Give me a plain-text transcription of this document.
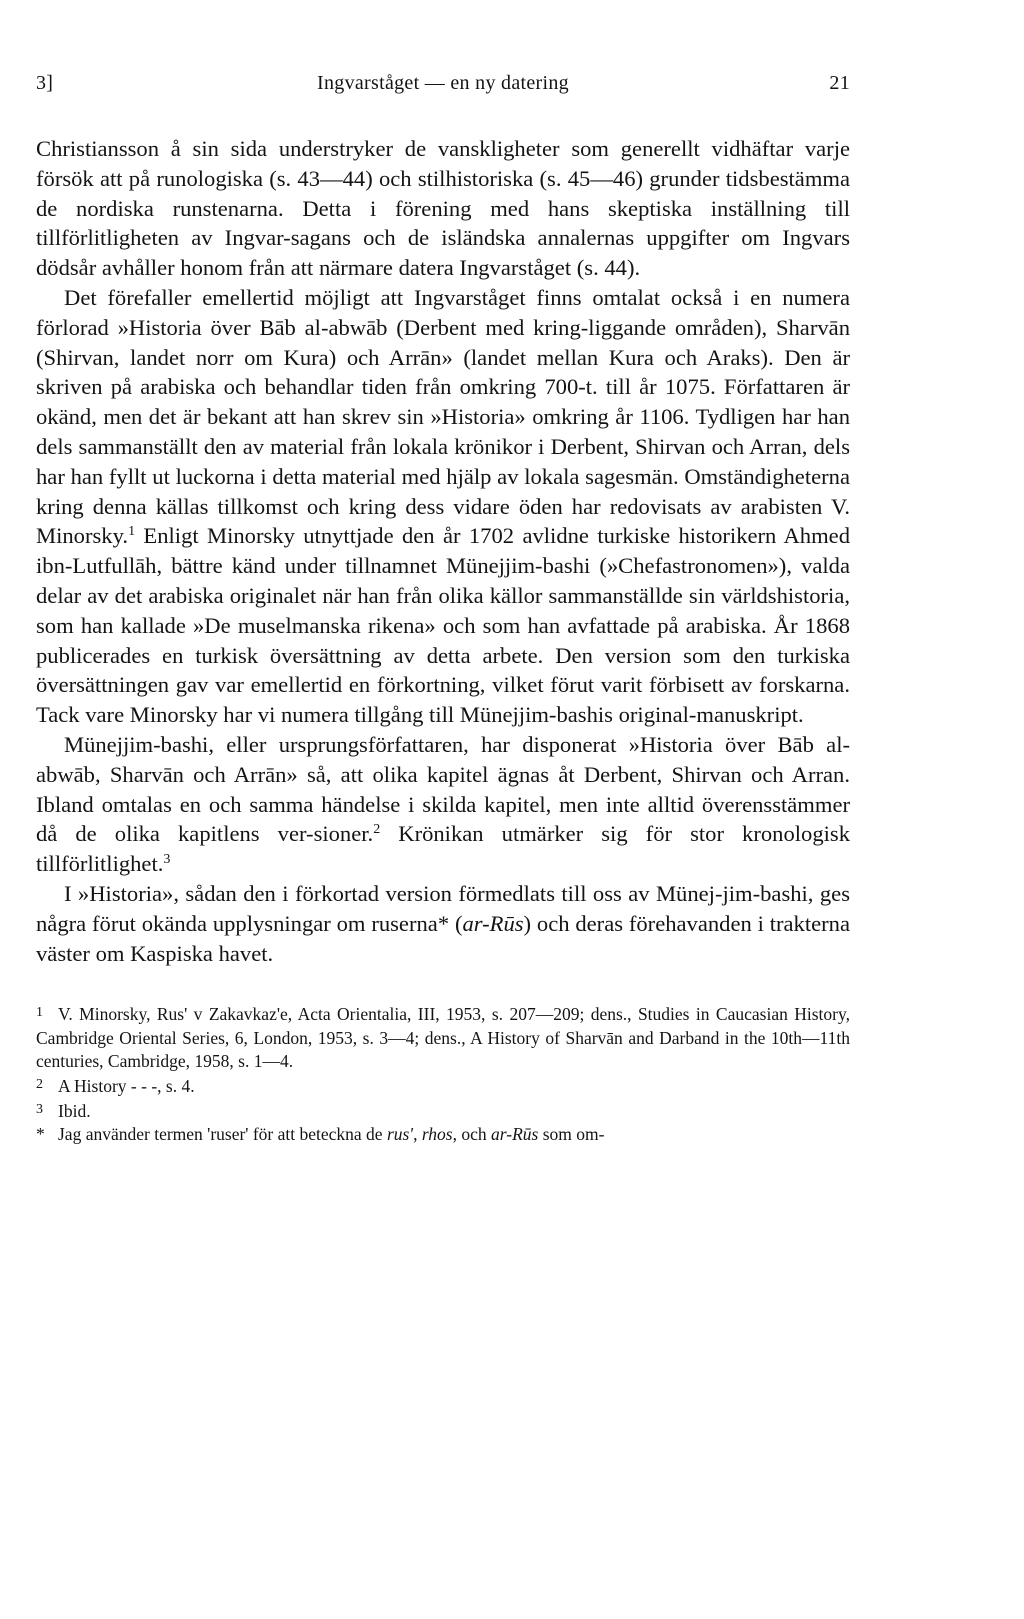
3]	Ingvarståget — en ny datering	21

Christiansson å sin sida understryker de vanskligheter som generellt vidhäftar varje försök att på runologiska (s. 43—44) och stilhistoriska (s. 45—46) grunder tidsbestämma de nordiska runstenarna. Detta i förening med hans skeptiska inställning till tillförlitligheten av Ingvar-sagans och de isländska annalernas uppgifter om Ingvars dödsår avhåller honom från att närmare datera Ingvarståget (s. 44).

Det förefaller emellertid möjligt att Ingvarståget finns omtalat också i en numera förlorad »Historia över Bāb al-abwāb (Derbent med kring-liggande områden), Sharvān (Shirvan, landet norr om Kura) och Arrān» (landet mellan Kura och Araks). Den är skriven på arabiska och behandlar tiden från omkring 700-t. till år 1075. Författaren är okänd, men det är bekant att han skrev sin »Historia» omkring år 1106. Tydligen har han dels sammanställt den av material från lokala krönikor i Derbent, Shirvan och Arran, dels har han fyllt ut luckorna i detta material med hjälp av lokala sagesmän. Omständigheterna kring denna källas tillkomst och kring dess vidare öden har redovisats av arabisten V. Minorsky.$^1$ Enligt Minorsky utnyttjade den år 1702 avlidne turkiske historikern Ahmed ibn-Lutfullāh, bättre känd under tillnamnet Münejjim-bashi (»Chefastronomen»), valda delar av det arabiska originalet när han från olika källor sammanställde sin världshistoria, som han kallade »De muselmanska rikena» och som han avfattade på arabiska. År 1868 publicerades en turkisk översättning av detta arbete. Den version som den turkiska översättningen gav var emellertid en förkortning, vilket förut varit förbisett av forskarna. Tack vare Minorsky har vi numera tillgång till Münejjim-bashis original-manuskript.

Münejjim-bashi, eller ursprungsförfattaren, har disponerat »Historia över Bāb al-abwāb, Sharvān och Arrān» så, att olika kapitel ägnas åt Derbent, Shirvan och Arran. Ibland omtalas en och samma händelse i skilda kapitel, men inte alltid överensstämmer då de olika kapitlens ver-sioner.$^2$ Krönikan utmärker sig för stor kronologisk tillförlitlighet.$^3$

I »Historia», sådan den i förkortad version förmedlats till oss av Münej-jim-bashi, ges några förut okända upplysningar om ruserna* (ar-Rūs) och deras förehavanden i trakterna väster om Kaspiska havet.

1 V. Minorsky, Rus' v Zakavkaz'e, Acta Orientalia, III, 1953, s. 207—209; dens., Studies in Caucasian History, Cambridge Oriental Series, 6, London, 1953, s. 3—4; dens., A History of Sharvān and Darband in the 10th—11th centuries, Cambridge, 1958, s. 1—4.

2 A History - - -, s. 4.

3 Ibid.

* Jag använder termen 'ruser' för att beteckna de rus', rhos, och ar-Rūs som om-
